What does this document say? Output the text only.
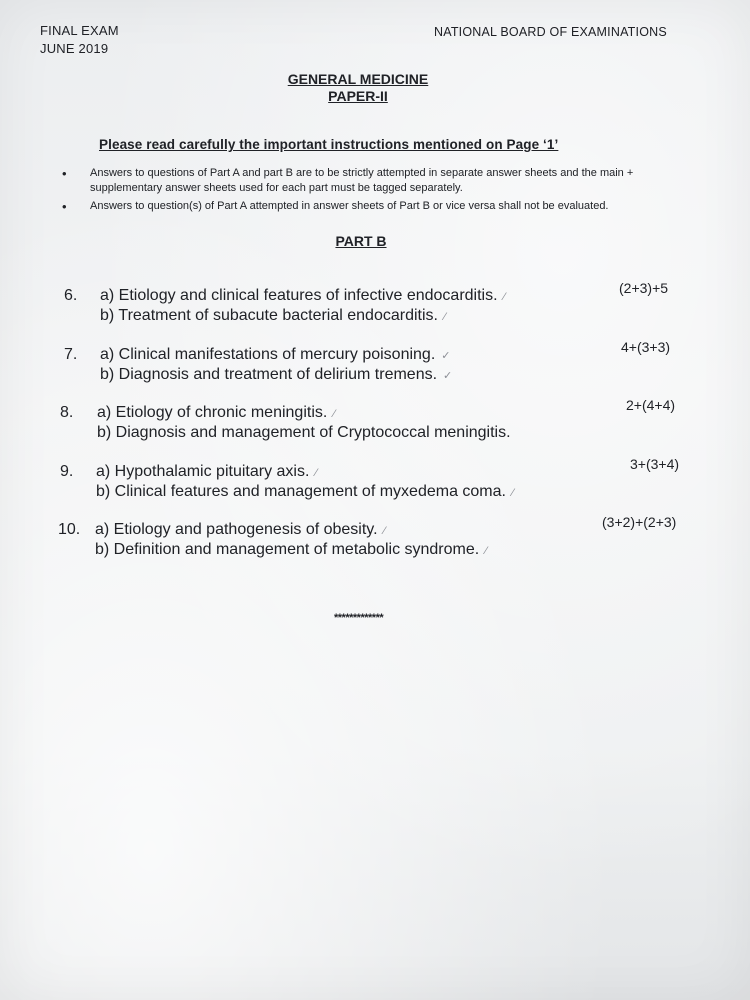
FINAL EXAM
JUNE 2019
NATIONAL BOARD OF EXAMINATIONS
GENERAL MEDICINE
PAPER-II
Please read carefully the important instructions mentioned on Page ‘1’
• Answers to questions of Part A and part B are to be strictly attempted in separate answer sheets and the main + supplementary answer sheets used for each part must be tagged separately.
• Answers to question(s) of Part A attempted in answer sheets of Part B or vice versa shall not be evaluated.
PART B
6. a) Etiology and clinical features of infective endocarditis. ⁄
b) Treatment of subacute bacterial endocarditis. ⁄
(2+3)+5
7. a) Clinical manifestations of mercury poisoning. ✓
b) Diagnosis and treatment of delirium tremens. ✓
4+(3+3)
8. a) Etiology of chronic meningitis. ⁄
b) Diagnosis and management of Cryptococcal meningitis.
2+(4+4)
9. a) Hypothalamic pituitary axis. ⁄
b) Clinical features and management of myxedema coma. ⁄
3+(3+4)
10. a) Etiology and pathogenesis of obesity. ⁄
b) Definition and management of metabolic syndrome. ⁄
(3+2)+(2+3)
*************
